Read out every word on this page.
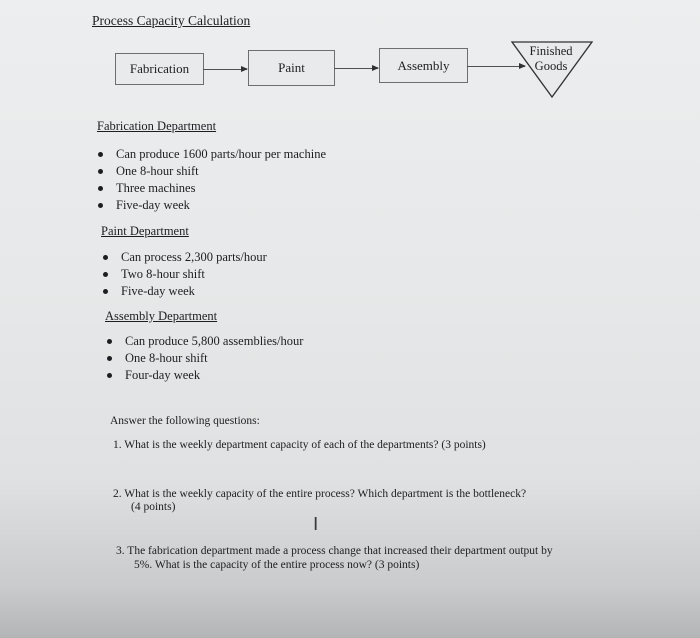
Process Capacity Calculation
Fabrication	Paint	Assembly
Finished
Goods
Fabrication Department
Can produce 1600 parts/hour per machine
One 8-hour shift
Three machines
Five-day week
Paint Department
Can process 2,300 parts/hour
Two 8-hour shift
Five-day week
Assembly Department
Can produce 5,800 assemblies/hour
One 8-hour shift
Four-day week
Answer the following questions:
1. What is the weekly department capacity of each of the departments? (3 points)
2. What is the weekly capacity of the entire process? Which department is the bottleneck?
(4 points)
I
3. The fabrication department made a process change that increased their department output by
5%. What is the capacity of the entire process now? (3 points)
